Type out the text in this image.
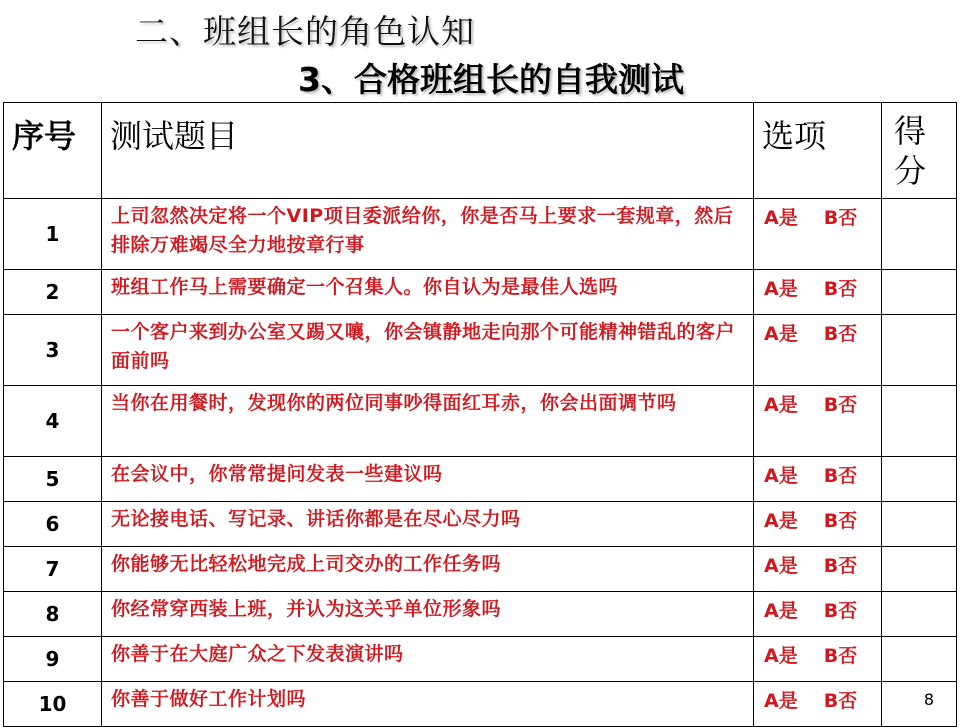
二、班组长的角色认知
3、合格班组长的自我测试
序号	测试题目	选项	得分
1	上司忽然决定将一个VIP项目委派给你，你是否马上要求一套规章，然后排除万难竭尽全力地按章行事	A是 B否	
2	班组工作马上需要确定一个召集人。你自认为是最佳人选吗	A是 B否	
3	一个客户来到办公室又踢又嚷，你会镇静地走向那个可能精神错乱的客户面前吗	A是 B否	
4	当你在用餐时，发现你的两位同事吵得面红耳赤，你会出面调节吗	A是 B否	
5	在会议中，你常常提问发表一些建议吗	A是 B否	
6	无论接电话、写记录、讲话你都是在尽心尽力吗	A是 B否	
7	你能够无比轻松地完成上司交办的工作任务吗	A是 B否	
8	你经常穿西装上班，并认为这关乎单位形象吗	A是 B否	
9	你善于在大庭广众之下发表演讲吗	A是 B否	
10	你善于做好工作计划吗	A是 B否	8
